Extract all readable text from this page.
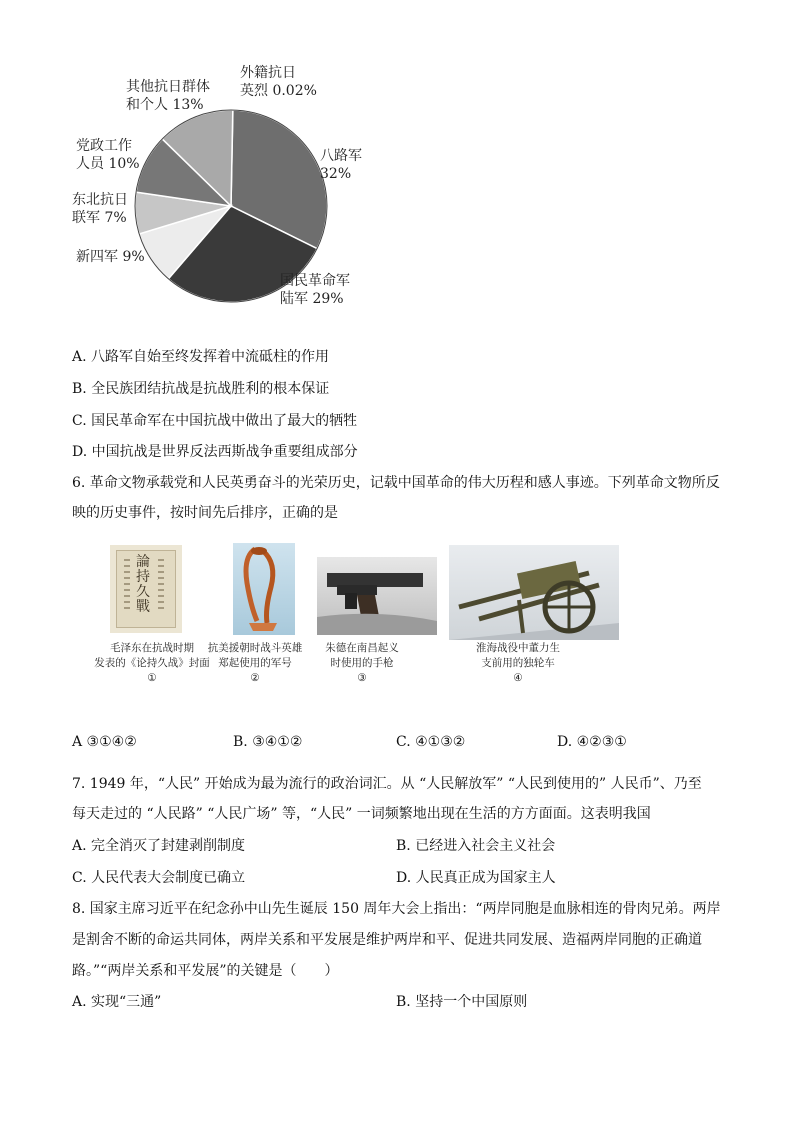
外籍抗日
英烈 0.02%
其他抗日群体
和个人 13%
八路军
32%
党政工作
人员 10%
东北抗日
联军 7%
新四军 9%
国民革命军
陆军 29%
A. 八路军自始至终发挥着中流砥柱的作用
B. 全民族团结抗战是抗战胜利的根本保证
C. 国民革命军在中国抗战中做出了最大的牺牲
D. 中国抗战是世界反法西斯战争重要组成部分
6. 革命文物承载党和人民英勇奋斗的光荣历史，记载中国革命的伟大历程和感人事迹。下列革命文物所反
映的历史事件，按时间先后排序，正确的是
論持久戰
毛泽东在抗战时期
发表的《论持久战》封面
①
抗美援朝时战斗英雄
郑起使用的军号
②
朱德在南昌起义
时使用的手枪
③
淮海战役中董力生
支前用的独轮车
④
A ③①④②	B. ③④①②	C. ④①③②	D. ④②③①
7. 1949 年，“人民” 开始成为最为流行的政治词汇。从 “人民解放军” “人民到使用的” 人民币”、乃至
每天走过的 “人民路” “人民广场” 等，“人民” 一词频繁地出现在生活的方方面面。这表明我国
A. 完全消灭了封建剥削制度	B. 已经进入社会主义社会
C. 人民代表大会制度已确立	D. 人民真正成为国家主人
8. 国家主席习近平在纪念孙中山先生诞辰 150 周年大会上指出：“两岸同胞是血脉相连的骨肉兄弟。两岸
是割舍不断的命运共同体，两岸关系和平发展是维护两岸和平、促进共同发展、造福两岸同胞的正确道
路。”“两岸关系和平发展”的关键是（　　）
A. 实现“三通”	B. 坚持一个中国原则
